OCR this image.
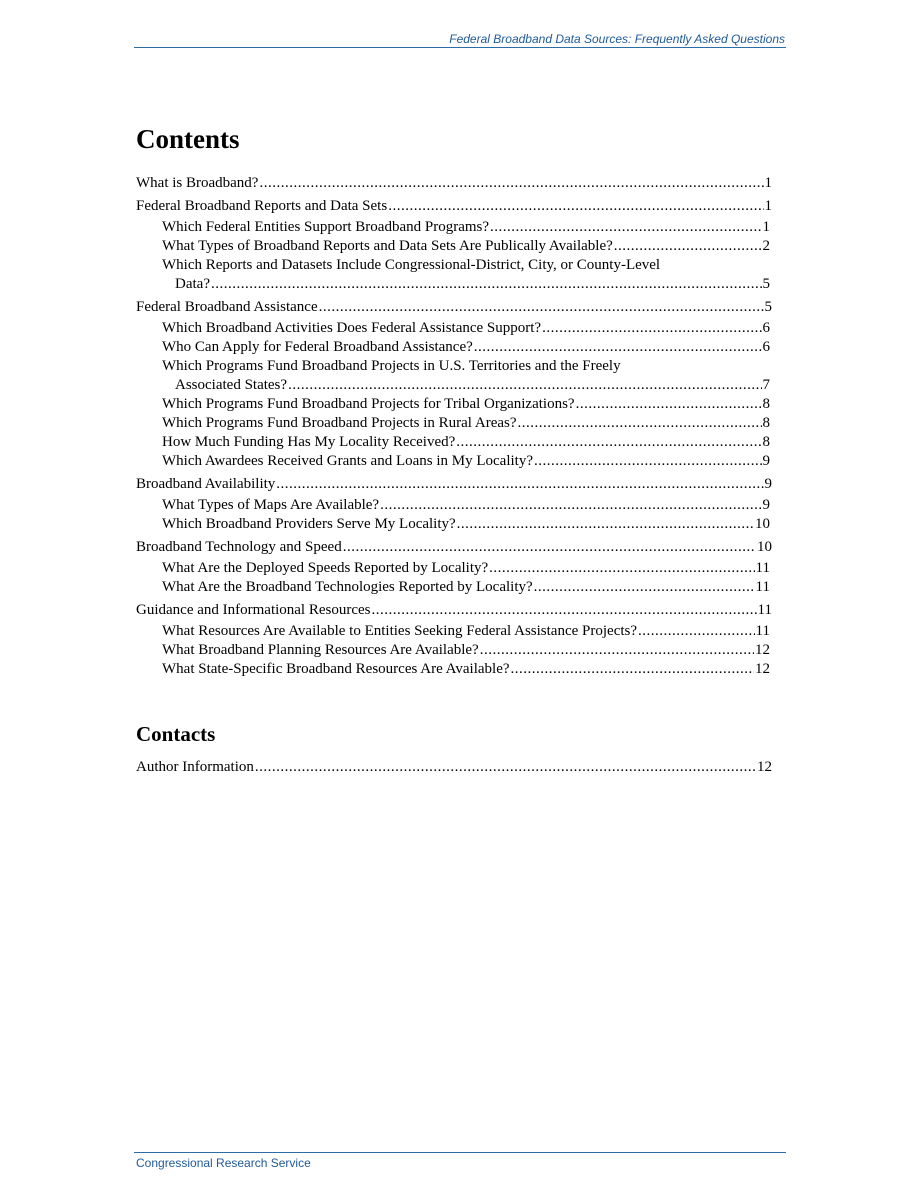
Federal Broadband Data Sources: Frequently Asked Questions
Contents
What is Broadband? .....	1
Federal Broadband Reports and Data Sets .....	1
Which Federal Entities Support Broadband Programs? .....	1
What Types of Broadband Reports and Data Sets Are Publically Available? .....	2
Which Reports and Datasets Include Congressional-District, City, or County-Level
Data? .....	5
Federal Broadband Assistance .....	5
Which Broadband Activities Does Federal Assistance Support? .....	6
Who Can Apply for Federal Broadband Assistance? .....	6
Which Programs Fund Broadband Projects in U.S. Territories and the Freely
Associated States? .....	7
Which Programs Fund Broadband Projects for Tribal Organizations? .....	8
Which Programs Fund Broadband Projects in Rural Areas? .....	8
How Much Funding Has My Locality Received? .....	8
Which Awardees Received Grants and Loans in My Locality? .....	9
Broadband Availability .....	9
What Types of Maps Are Available? .....	9
Which Broadband Providers Serve My Locality? .....	10
Broadband Technology and Speed .....	10
What Are the Deployed Speeds Reported by Locality? .....	11
What Are the Broadband Technologies Reported by Locality? .....	11
Guidance and Informational Resources .....	11
What Resources Are Available to Entities Seeking Federal Assistance Projects? .....	11
What Broadband Planning Resources Are Available? .....	12
What State-Specific Broadband Resources Are Available? .....	12
Contacts
Author Information .....	12
Congressional Research Service
